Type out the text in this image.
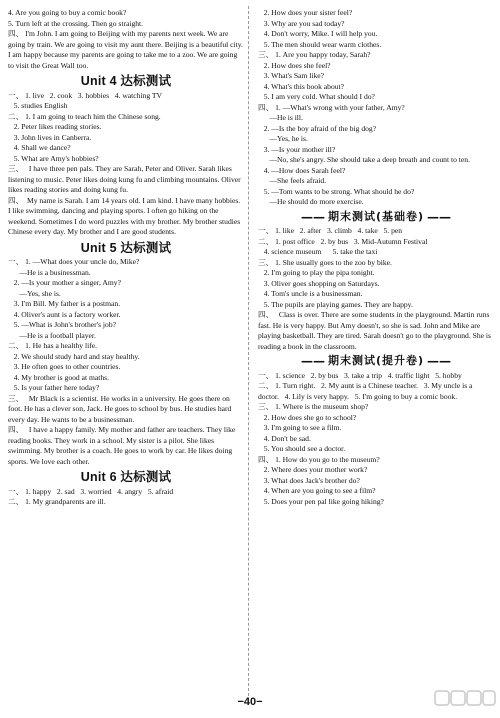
4. Are you going to buy a comic book?
5. Turn left at the crossing. Then go straight.
四、 I'm John. I am going to Beijing with my parents next week. We are going by train. We are going to visit my aunt there. Beijing is a beautiful city. I am happy because my parents are going to take me to a zoo. We are going to visit the Great Wall too.
Unit 4 达标测试
一、 1. live   2. cook   3. hobbies   4. watching TV
5. studies English
二、 1. I am going to teach him the Chinese song.
2. Peter likes reading stories.
3. John lives in Canberra.
4. Shall we dance?
5. What are Amy's hobbies?
三、   I have three pen pals. They are Sarah, Peter and Oliver. Sarah likes listening to music. Peter likes doing kung fu and climbing mountains. Oliver likes reading stories and doing kung fu.
四、  My name is Sarah. I am 14 years old. I am kind. I have many hobbies. I like swimming, dancing and playing sports. I often go hiking on the weekend. Sometimes I do word puzzles with my brother. My brother studies Chinese every day. My brother and I are good students.
Unit 5 达标测试
一、 1. —What does your uncle do, Mike?
—He is a businessman.
2. —Is your mother a singer, Amy?
—Yes, she is.
3. I'm Bill. My father is a postman.
4. Oliver's aunt is a factory worker.
5. —What is John's brother's job?
—He is a football player.
二、 1. He has a healthy life.
2. We should study hard and stay healthy.
3. He often goes to other countries.
4. My brother is good at maths.
5. Is your father here today?
三、   Mr Black is a scientist. He works in a university. He goes there on foot. He has a clever son, Jack. He goes to school by bus. He studies hard every day. He wants to be a businessman.
四、   I have a happy family. My mother and father are teachers. They like reading books. They work in a school. My sister is a pilot. She likes swimming. My brother is a coach. He goes to work by car. He likes doing sports. We love each other.
Unit 6 达标测试
一、 1. happy   2. sad   3. worried   4. angry   5. afraid
二、 1. My grandparents are ill.
2. How does your sister feel?
3. Why are you sad today?
4. Don't worry, Mike. I will help you.
5. The men should wear warm clothes.
三、 1. Are you happy today, Sarah?
2. How does she feel?
3. What's Sam like?
4. What's this book about?
5. I am very cold. What should I do?
四、 1. —What's wrong with your father, Amy?
—He is ill.
2. —Is the boy afraid of the big dog?
—Yes, he is.
3. —Is your mother ill?
—No, she's angry. She should take a deep breath and count to ten.
4. —How does Sarah feel?
—She feels afraid.
5. —Tom wants to be strong. What should he do?
—He should do more exercise.
—— 期末测试(基础卷) ——
一、 1. like   2. after   3. climb   4. take   5. pen
二、 1. post office   2. by bus   3. Mid-Autumn Festival
4. science museum      5. take the taxi
三、 1. She usually goes to the zoo by bike.
2. I'm going to play the pipa tonight.
3. Oliver goes shopping on Saturdays.
4. Tom's uncle is a businessman.
5. The pupils are playing games. They are happy.
四、   Class is over. There are some students in the playground. Martin runs fast. He is very happy. But Amy doesn't, so she is sad. John and Mike are playing basketball. They are tired. Sarah doesn't go to the playground. She is reading a book in the classroom.
—— 期末测试(提升卷) ——
一、 1. science   2. by bus   3. take a trip   4. traffic light   5. hobby
二、 1. Turn right.   2. My aunt is a Chinese teacher.   3. My uncle is a doctor.   4. Lily is very happy.   5. I'm going to buy a comic book.
三、 1. Where is the museum shop?
2. How does she go to school?
3. I'm going to see a film.
4. Don't be sad.
5. You should see a doctor.
四、 1. How do you go to the museum?
2. Where does your mother work?
3. What does Jack's brother do?
4. When are you going to see a film?
5. Does your pen pal like going hiking?
−40−
